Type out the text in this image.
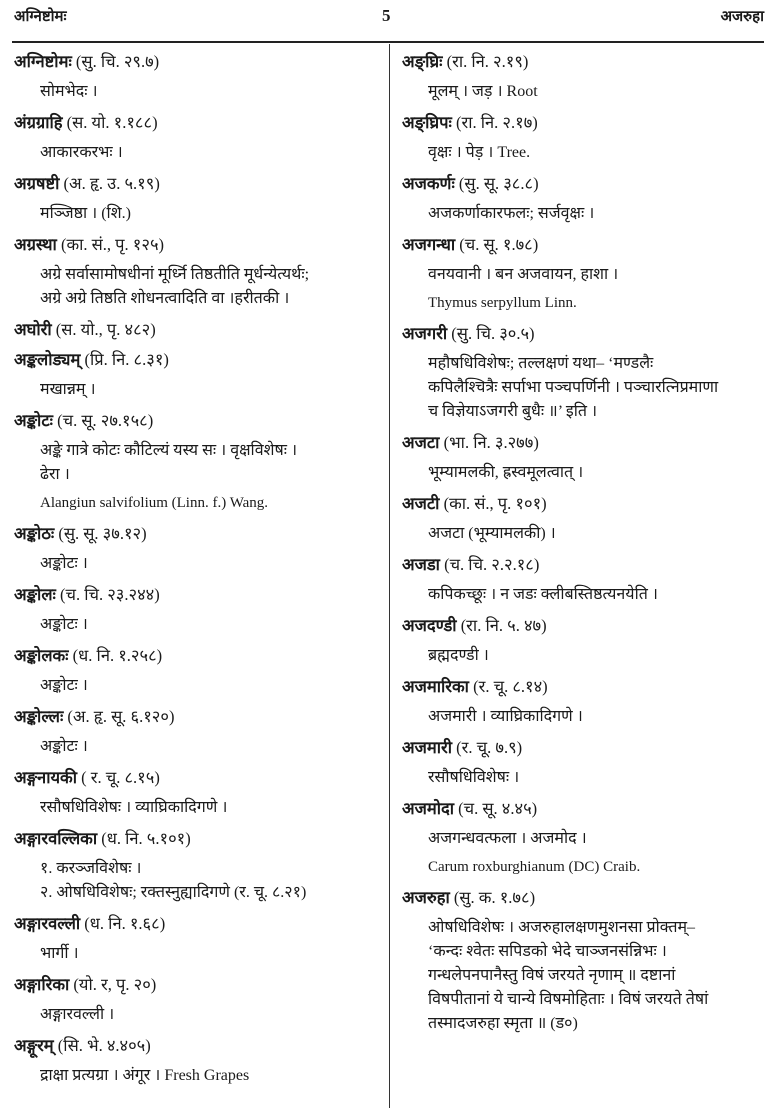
अग्निष्टोमः	5	अजरुहा
अग्निष्टोमः (सु. चि. २९.७)
सोमभेदः ।
अंग्रग्राहि (स. यो. १.१८८)
आकारकरभः ।
अग्रषष्टी (अ. हृ. उ. ५.१९)
मञ्जिष्ठा । (शि.)
अग्रस्था (का. सं., पृ. १२५)
अग्रे सर्वासामोषधीनां मूर्ध्नि तिष्ठतीति मूर्धन्येत्यर्थः;
अग्रे अग्रे तिष्ठति शोधनत्वादिति वा ।हरीतकी ।
अघोरी (स. यो., पृ. ४८२)
अङ्कलोड्यम् (प्रि. नि. ८.३१)
मखान्नम् ।
अङ्कोटः (च. सू. २७.१५८)
अङ्के गात्रे कोटः कौटिल्यं यस्य सः । वृक्षविशेषः ।
ढेरा ।
Alangiun salvifolium (Linn. f.) Wang.
अङ्कोठः (सु. सू. ३७.१२)
अङ्कोटः ।
अङ्कोलः (च. चि. २३.२४४)
अङ्कोटः ।
अङ्कोलकः (ध. नि. १.२५८)
अङ्कोटः ।
अङ्कोल्लः (अ. हृ. सू. ६.१२०)
अङ्कोटः ।
अङ्गनायकी ( र. चू. ८.१५)
रसौषधिविशेषः । व्याघ्रिकादिगणे ।
अङ्गारवल्लिका (ध. नि. ५.१०१)
१. करञ्जविशेषः ।
२. ओषधिविशेषः; रक्तस्नुह्यादिगणे (र. चू. ८.२१)
अङ्गारवल्ली (ध. नि. १.६८)
भार्गी ।
अङ्गारिका (यो. र, पृ. २०)
अङ्गारवल्ली ।
अङ्गूरम् (सि. भे. ४.४०५)
द्राक्षा प्रत्यग्रा । अंगूर । Fresh Grapes
अङ्घ्रिः (रा. नि. २.१९)
मूलम् । जड़ । Root
अङ्घ्रिपः (रा. नि. २.१७)
वृक्षः । पेड़ । Tree.
अजकर्णः (सु. सू. ३८.८)
अजकर्णाकारफलः; सर्जवृक्षः ।
अजगन्धा (च. सू. १.७८)
वनयवानी । बन अजवायन, हाशा ।
Thymus serpyllum Linn.
अजगरी (सु. चि. ३०.५)
महौषधिविशेषः; तल्लक्षणं यथा– ‘मण्डलैः
कपिलैश्चित्रैः सर्पाभा पञ्चपर्णिनी । पञ्चारत्निप्रमाणा
च विज्ञेयाऽजगरी बुधैः ॥’ इति ।
अजटा (भा. नि. ३.२७७)
भूम्यामलकी, ह्रस्वमूलत्वात् ।
अजटी (का. सं., पृ. १०१)
अजटा (भूम्यामलकी) ।
अजडा (च. चि. २.२.१८)
कपिकच्छूः । न जडः क्लीबस्तिष्ठत्यनयेति ।
अजदण्डी (रा. नि. ५. ४७)
ब्रह्मदण्डी ।
अजमारिका (र. चू. ८.१४)
अजमारी । व्याघ्रिकादिगणे ।
अजमारी (र. चू. ७.९)
रसौषधिविशेषः ।
अजमोदा (च. सू. ४.४५)
अजगन्धवत्फला । अजमोद ।
Carum roxburghianum (DC) Craib.
अजरुहा (सु. क. १.७८)
ओषधिविशेषः । अजरुहालक्षणमुशनसा प्रोक्तम्–
‘कन्दः श्वेतः सपिडको भेदे चाञ्जनसंन्निभः ।
गन्धलेपनपानैस्तु विषं जरयते नृणाम् ॥ दष्टानां
विषपीतानां ये चान्ये विषमोहिताः । विषं जरयते तेषां
तस्माद‍जरुहा स्मृता ॥ (ड०)
